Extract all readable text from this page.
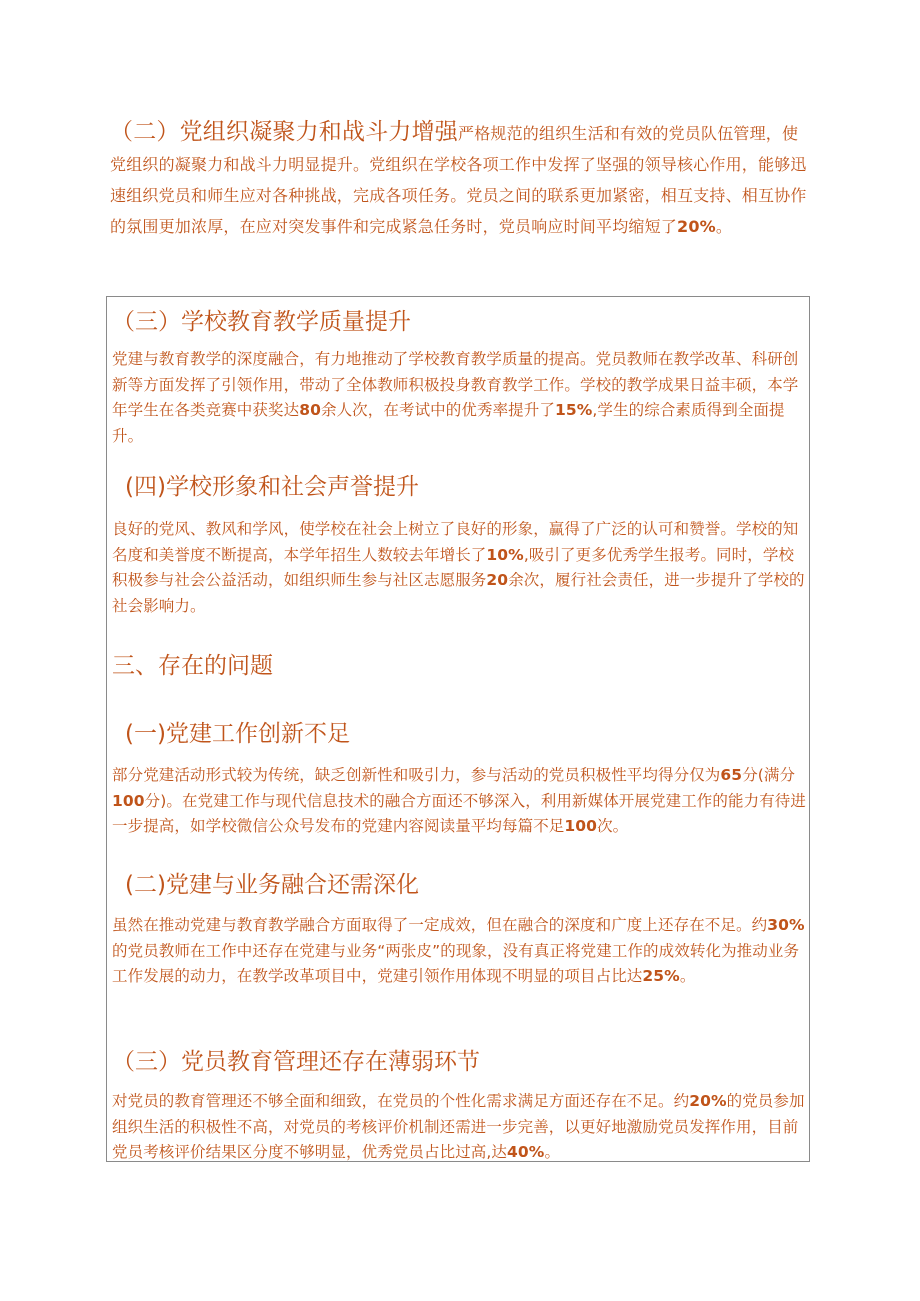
（二）党组织凝聚力和战斗力增强严格规范的组织生活和有效的党员队伍管理，使党组织的凝聚力和战斗力明显提升。党组织在学校各项工作中发挥了坚强的领导核心作用，能够迅速组织党员和师生应对各种挑战，完成各项任务。党员之间的联系更加紧密，相互支持、相互协作的氛围更加浓厚，在应对突发事件和完成紧急任务时，党员响应时间平均缩短了20%。
（三）学校教育教学质量提升
党建与教育教学的深度融合，有力地推动了学校教育教学质量的提高。党员教师在教学改革、科研创新等方面发挥了引领作用，带动了全体教师积极投身教育教学工作。学校的教学成果日益丰硕，本学年学生在各类竞赛中获奖达80余人次，在考试中的优秀率提升了15%,学生的综合素质得到全面提升。
(四)学校形象和社会声誉提升
良好的党风、教风和学风，使学校在社会上树立了良好的形象，赢得了广泛的认可和赞誉。学校的知名度和美誉度不断提高，本学年招生人数较去年增长了10%,吸引了更多优秀学生报考。同时，学校积极参与社会公益活动，如组织师生参与社区志愿服务20余次，履行社会责任，进一步提升了学校的社会影响力。
三、存在的问题
(一)党建工作创新不足
部分党建活动形式较为传统，缺乏创新性和吸引力，参与活动的党员积极性平均得分仅为65分(满分100分)。在党建工作与现代信息技术的融合方面还不够深入，利用新媒体开展党建工作的能力有待进一步提高，如学校微信公众号发布的党建内容阅读量平均每篇不足100次。
(二)党建与业务融合还需深化
虽然在推动党建与教育教学融合方面取得了一定成效，但在融合的深度和广度上还存在不足。约30%的党员教师在工作中还存在党建与业务“两张皮”的现象，没有真正将党建工作的成效转化为推动业务工作发展的动力，在教学改革项目中，党建引领作用体现不明显的项目占比达25%。
（三）党员教育管理还存在薄弱环节
对党员的教育管理还不够全面和细致，在党员的个性化需求满足方面还存在不足。约20%的党员参加组织生活的积极性不高，对党员的考核评价机制还需进一步完善，以更好地激励党员发挥作用，目前党员考核评价结果区分度不够明显，优秀党员占比过高,达40%。
